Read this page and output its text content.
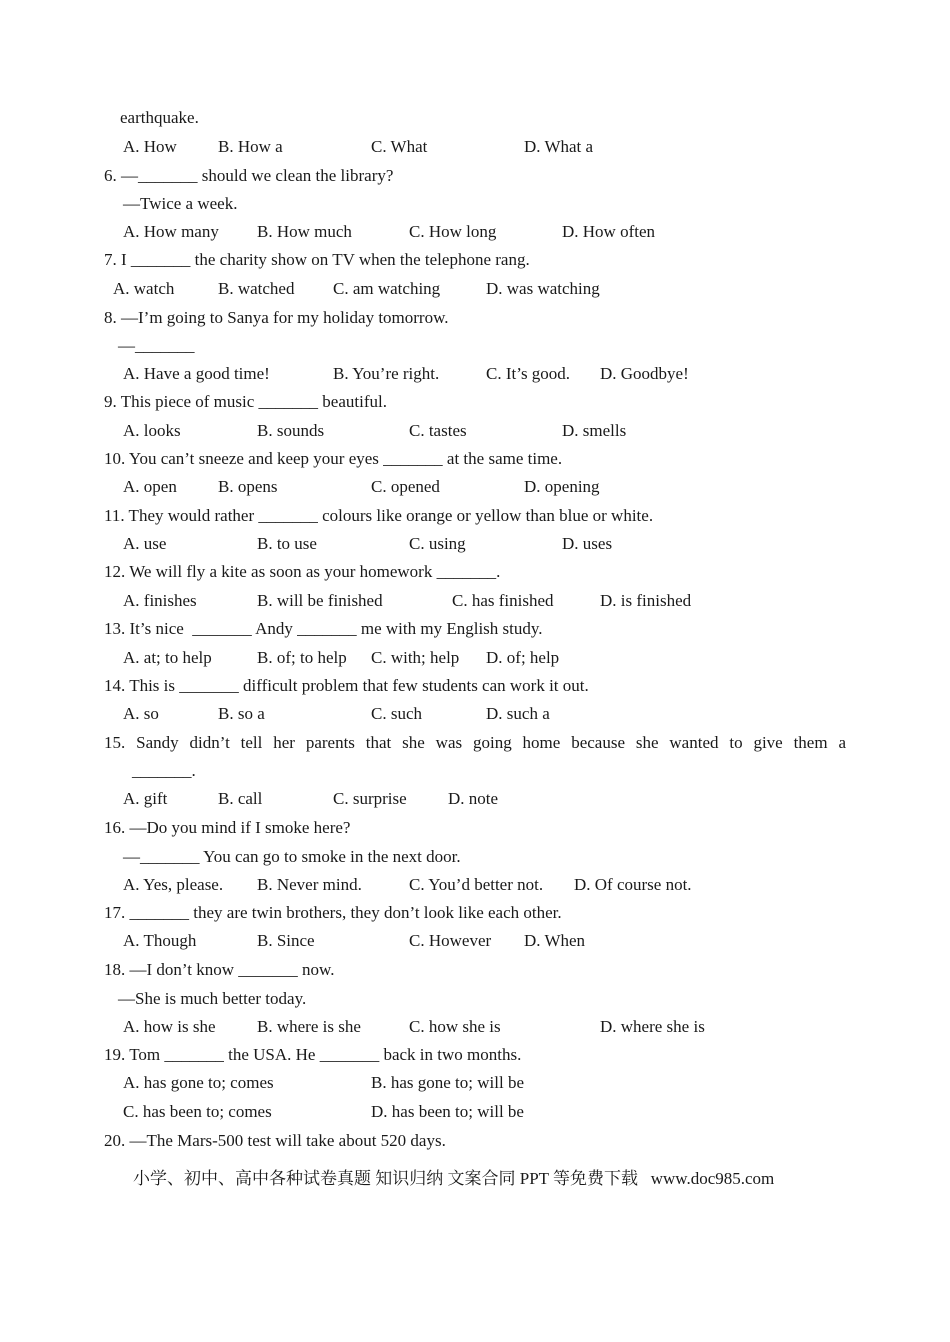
earthquake.
A. How B. How a	C. What	D. What a
6. —_______ should we clean the library?
—Twice a week.
A. How many B. How much	C. How long	D. How often
7. I _______ the charity show on TV when the telephone rang.
A. watch	B. watched C. am watching	D. was watching
8. —I’m going to Sanya for my holiday tomorrow.
—_______
A. Have a good time!	B. You’re right.	C. It’s good. D. Goodbye!
9. This piece of music _______ beautiful.
A. looks	B. sounds	C. tastes	D. smells
10. You can’t sneeze and keep your eyes _______ at the same time.
A. open B. opens	C. opened	D. opening
11. They would rather _______ colours like orange or yellow than blue or white.
A. use	B. to use	C. using	D. uses
12. We will fly a kite as soon as your homework _______.
A. finishes	B. will be finished	C. has finished	D. is finished
13. It’s nice  _______ Andy _______ me with my English study.
A. at; to help	B. of; to help C. with; help D. of; help
14. This is _______ difficult problem that few students can work it out.
A. so	B. so a	C. such	D. such a
15. Sandy didn’t tell her parents that she was going home because she wanted to give them a
_______.
A. gift	B. call	C. surprise D. note
16. —Do you mind if I smoke here?
—_______ You can go to smoke in the next door.
A. Yes, please. B. Never mind.	C. You’d better not. D. Of course not.
17. _______ they are twin brothers, they don’t look like each other.
A. Though	B. Since	C. However D. When
18. —I don’t know _______ now.
—She is much better today.
A. how is she B. where is she	C. how she is	D. where she is
19. Tom _______ the USA. He _______ back in two months.
A. has gone to; comes	B. has gone to; will be
C. has been to; comes	D. has been to; will be
20. —The Mars-500 test will take about 520 days.
小学、初中、高中各种试卷真题 知识归纳 文案合同 PPT 等免费下载   www.doc985.com
